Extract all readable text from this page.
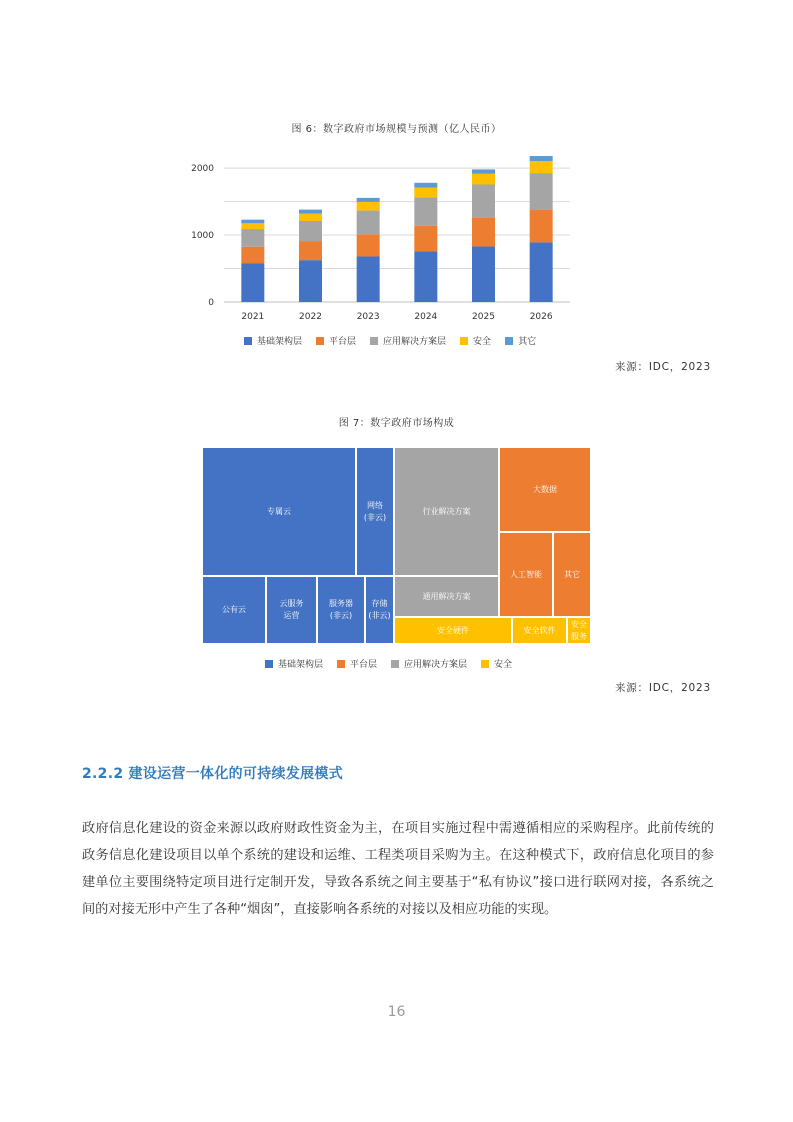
图 6：数字政府市场规模与预测（亿人民币）
0
1000
2000
2021	2022	2023	2024	2025	2026
基础架构层	平台层	应用解决方案层	安全	其它
来源：IDC，2023
图 7：数字政府市场构成
专属云
网络
(非云)
公有云
云服务
运营
服务器
(非云)
存储
(非云)
行业解决方案
通用解决方案
大数据
人工智能	其它
安全硬件	安全软件
安全
服务
基础架构层	平台层	应用解决方案层	安全
来源：IDC，2023
2.2.2 建设运营一体化的可持续发展模式
政府信息化建设的资金来源以政府财政性资金为主，在项目实施过程中需遵循相应的采购程序。此前传统的政务信息化建设项目以单个系统的建设和运维、工程类项目采购为主。在这种模式下，政府信息化项目的参建单位主要围绕特定项目进行定制开发，导致各系统之间主要基于“私有协议”接口进行联网对接，各系统之间的对接无形中产生了各种“烟囱”，直接影响各系统的对接以及相应功能的实现。
16
